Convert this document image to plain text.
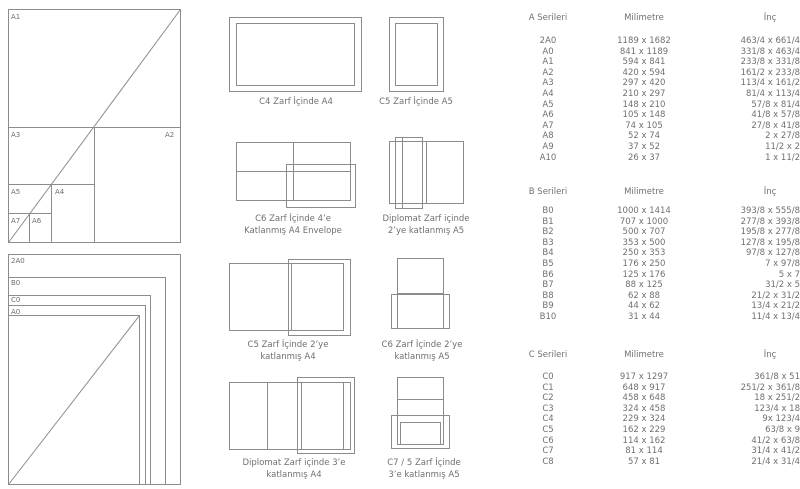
A1
A3	A2
A5	A4
A7 A6
2A0
B0
C0
A0
C4 Zarf İçinde A4	C5 Zarf İçinde A5
C6 Zarf İçinde 4’e
Katlanmış A4 Envelope
Diplomat Zarf içinde
2’ye katlanmış A5
C5 Zarf İçinde 2’ye
katlanmış A4
C6 Zarf İçinde 2’ye
katlanmış A5
Diplomat Zarf içinde 3’e
katlanmış A4
C7 / 5 Zarf İçinde
3’e katlanmış A5
A Serileri	Milimetre	İnç
2A0	1189 x 1682	463/4 x 661/4
A0	841 x 1189	331/8 x 463/4
A1	594 x 841	233/8 x 331/8
A2	420 x 594	161/2 x 233/8
A3	297 x 420	113/4 x 161/2
A4	210 x 297	81/4 x 113/4
A5	148 x 210	57/8 x 81/4
A6	105 x 148	41/8 x 57/8
A7	74 x 105	27/8 x 41/8
A8	52 x 74	2 x 27/8
A9	37 x 52	11/2 x 2
A10	26 x 37	1 x 11/2
B Serileri	Milimetre	İnç
B0	1000 x 1414	393/8 x 555/8
B1	707 x 1000	277/8 x 393/8
B2	500 x 707	195/8 x 277/8
B3	353 x 500	127/8 x 195/8
B4	250 x 353	97/8 x 127/8
B5	176 x 250	7 x 97/8
B6	125 x 176	5 x 7
B7	88 x 125	31/2 x 5
B8	62 x 88	21/2 x 31/2
B9	44 x 62	13/4 x 21/2
B10	31 x 44	11/4 x 13/4
C Serileri	Milimetre	İnç
C0	917 x 1297	361/8 x 51
C1	648 x 917	251/2 x 361/8
C2	458 x 648	18 x 251/2
C3	324 x 458	123/4 x 18
C4	229 x 324	9x 123/4
C5	162 x 229	63/8 x 9
C6	114 x 162	41/2 x 63/8
C7	81 x 114	31/4 x 41/2
C8	57 x 81	21/4 x 31/4
